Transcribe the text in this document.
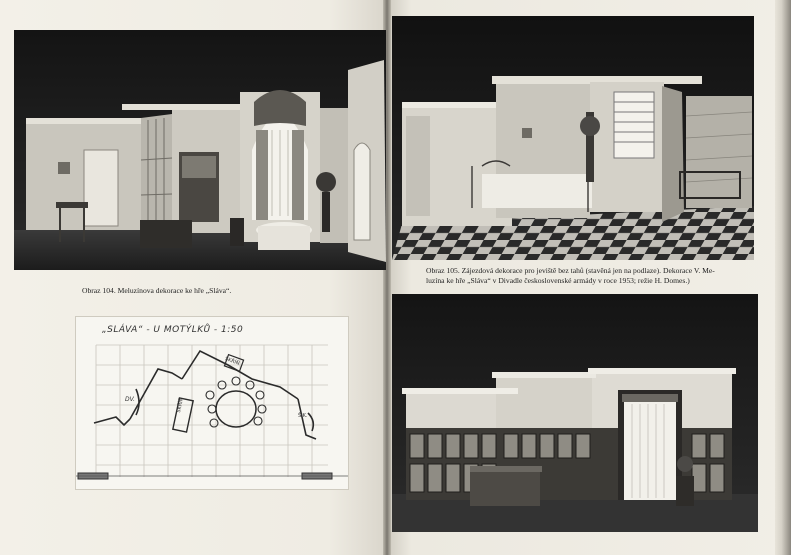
Obraz 104. Meluzínova dekorace ke hře „Sláva“.
„SLÁVA“ - U MOTÝLKŮ - 1:50
SKŘÍŇ
SKŘÍŇ
DV.
ŠIK.
Obraz 105. Zájezdová dekorace pro jeviště bez tahů (stavěná jen na podlaze). Dekorace V. Me-
luzína ke hře „Sláva“ v Divadle československé armády v roce 1953; režie H. Domes.)
